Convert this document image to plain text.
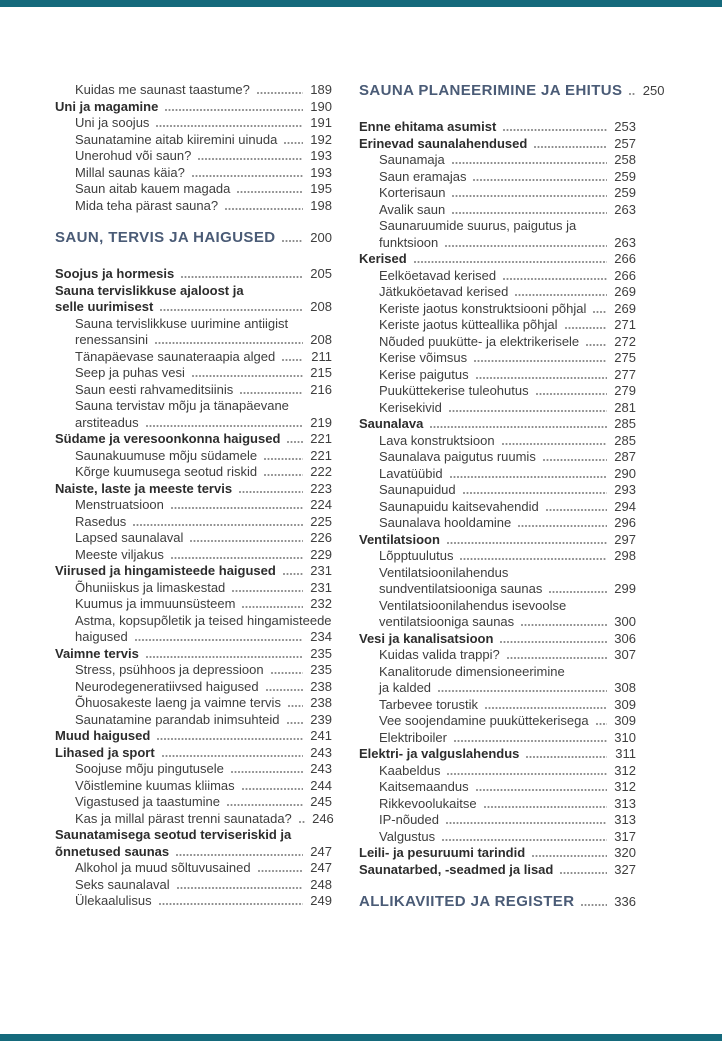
Kuidas me saunast taastume?	189
Uni ja magamine	190
Uni ja soojus	191
Saunatamine aitab kiiremini uinuda	192
Unerohud või saun?	193
Millal saunas käia?	193
Saun aitab kauem magada	195
Mida teha pärast sauna?	198
SAUN, TERVIS JA HAIGUSED	200
Soojus ja hormesis	205
Sauna tervislikkuse ajaloost ja
selle uurimisest	208
Sauna tervislikkuse uurimine antiigist
renessansini	208
Tänapäevase saunateraapia alged	211
Seep ja puhas vesi	215
Saun eesti rahvameditsiinis	216
Sauna tervistav mõju ja tänapäevane
arstiteadus	219
Südame ja veresoonkonna haigused 221
Saunakuumuse mõju südamele	221
Kõrge kuumusega seotud riskid	222
Naiste, laste ja meeste tervis	223
Menstruatsioon	224
Rasedus	225
Lapsed saunalaval	226
Meeste viljakus	229
Viirused ja hingamisteede haigused	231
Õhuniiskus ja limaskestad	231
Kuumus ja immuunsüsteem	232
Astma, kopsupõletik ja teised hingamisteede
haigused	234
Vaimne tervis	235
Stress, psühhoos ja depressioon	235
Neurodegeneratiivsed haigused	238
Õhuosakeste laeng ja vaimne tervis 238
Saunatamine parandab inimsuhteid 239
Muud haigused	241
Lihased ja sport	243
Soojuse mõju pingutusele	243
Võistlemine kuumas kliimas	244
Vigastused ja taastumine	245
Kas ja millal pärast trenni saunatada? 246
Saunatamisega seotud terviseriskid ja
õnnetused saunas	247
Alkohol ja muud sõltuvusained	247
Seks saunalaval	248
Ülekaalulisus	249
SAUNA PLANEERIMINE JA EHITUS 250
Enne ehitama asumist	253
Erinevad saunalahendused	257
Saunamaja	258
Saun eramajas	259
Korterisaun	259
Avalik saun	263
Saunaruumide suurus, paigutus ja
funktsioon	263
Kerised	266
Eelköetavad kerised	266
Jätkuköetavad kerised	269
Keriste jaotus konstruktsiooni põhjal 269
Keriste jaotus kütteallika põhjal	271
Nõuded puukütte- ja elektrikerisele	272
Kerise võimsus	275
Kerise paigutus	277
Puuküttekerise tuleohutus	279
Kerisekivid	281
Saunalava	285
Lava konstruktsioon	285
Saunalava paigutus ruumis	287
Lavatüübid	290
Saunapuidud	293
Saunapuidu kaitsevahendid	294
Saunalava hooldamine	296
Ventilatsioon	297
Lõpptuulutus	298
Ventilatsioonilahendus
sundventilatsiooniga saunas	299
Ventilatsioonilahendus isevoolse
ventilatsiooniga saunas	300
Vesi ja kanalisatsioon	306
Kuidas valida trappi?	307
Kanalitorude dimensioneerimine
ja kalded	308
Tarbevee torustik	309
Vee soojendamine puuküttekerisega 309
Elektriboiler	310
Elektri- ja valguslahendus	311
Kaabeldus	312
Kaitsemaandus	312
Rikkevoolukaitse	313
IP-nõuded	313
Valgustus	317
Leili- ja pesuruumi tarindid	320
Saunatarbed, -seadmed ja lisad	327
ALLIKAVIITED JA REGISTER	336
